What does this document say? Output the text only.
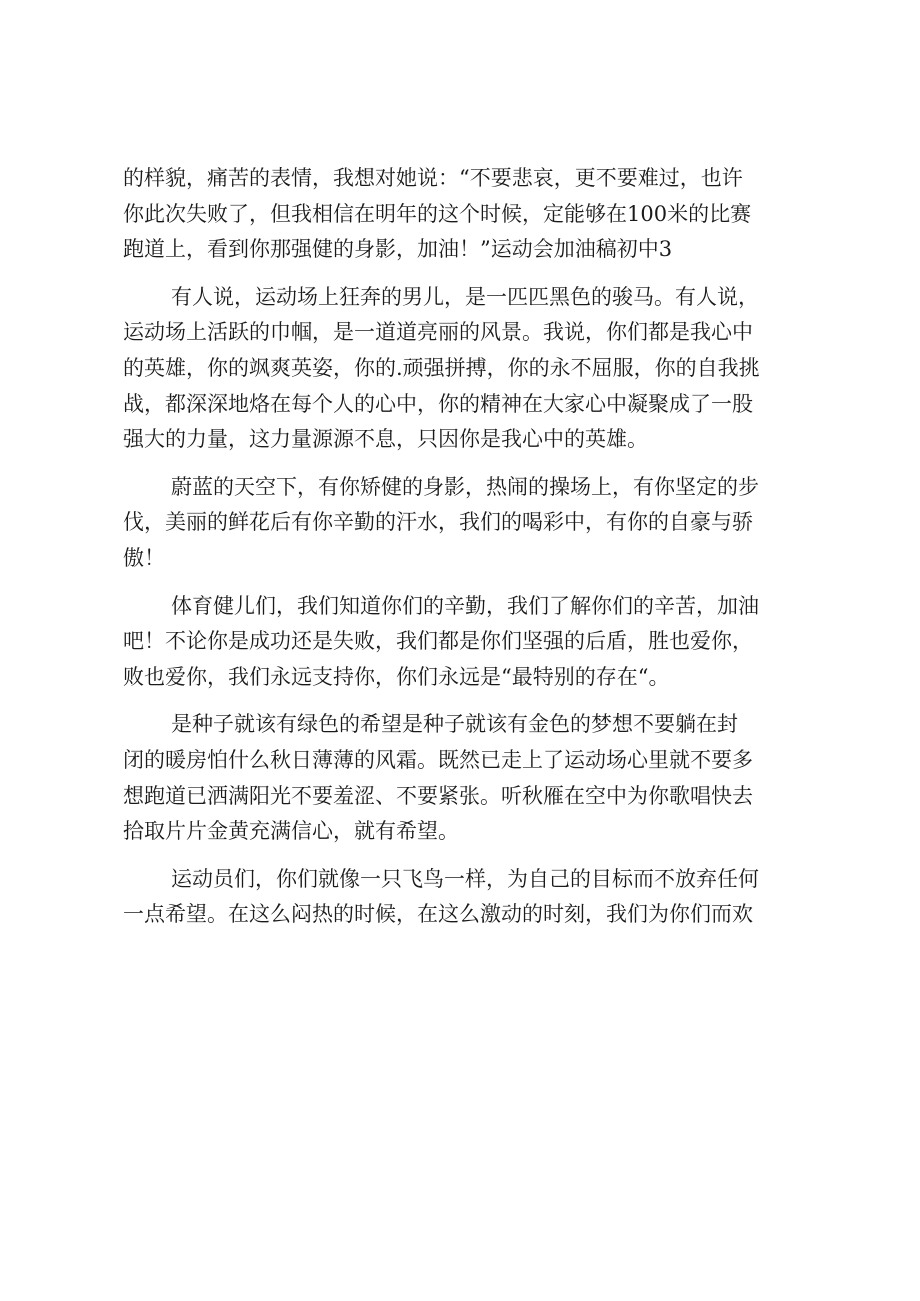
的样貌，痛苦的表情，我想对她说：“不要悲哀，更不要难过，也许
你此次失败了，但我相信在明年的这个时候，定能够在100米的比赛
跑道上，看到你那强健的身影，加油！”运动会加油稿初中3
有人说，运动场上狂奔的男儿，是一匹匹黑色的骏马。有人说，
运动场上活跃的巾帼，是一道道亮丽的风景。我说，你们都是我心中
的英雄，你的飒爽英姿，你的.顽强拼搏，你的永不屈服，你的自我挑
战，都深深地烙在每个人的心中，你的精神在大家心中凝聚成了一股
强大的力量，这力量源源不息，只因你是我心中的英雄。
蔚蓝的天空下，有你矫健的身影，热闹的操场上，有你坚定的步
伐，美丽的鲜花后有你辛勤的汗水，我们的喝彩中，有你的自豪与骄
傲！
体育健儿们，我们知道你们的辛勤，我们了解你们的辛苦，加油
吧！不论你是成功还是失败，我们都是你们坚强的后盾，胜也爱你，
败也爱你，我们永远支持你，你们永远是“最特别的存在“。
是种子就该有绿色的希望是种子就该有金色的梦想不要躺在封
闭的暖房怕什么秋日薄薄的风霜。既然已走上了运动场心里就不要多
想跑道已洒满阳光不要羞涩、不要紧张。听秋雁在空中为你歌唱快去
拾取片片金黄充满信心，就有希望。
运动员们，你们就像一只飞鸟一样，为自己的目标而不放弃任何
一点希望。在这么闷热的时候，在这么激动的时刻，我们为你们而欢
